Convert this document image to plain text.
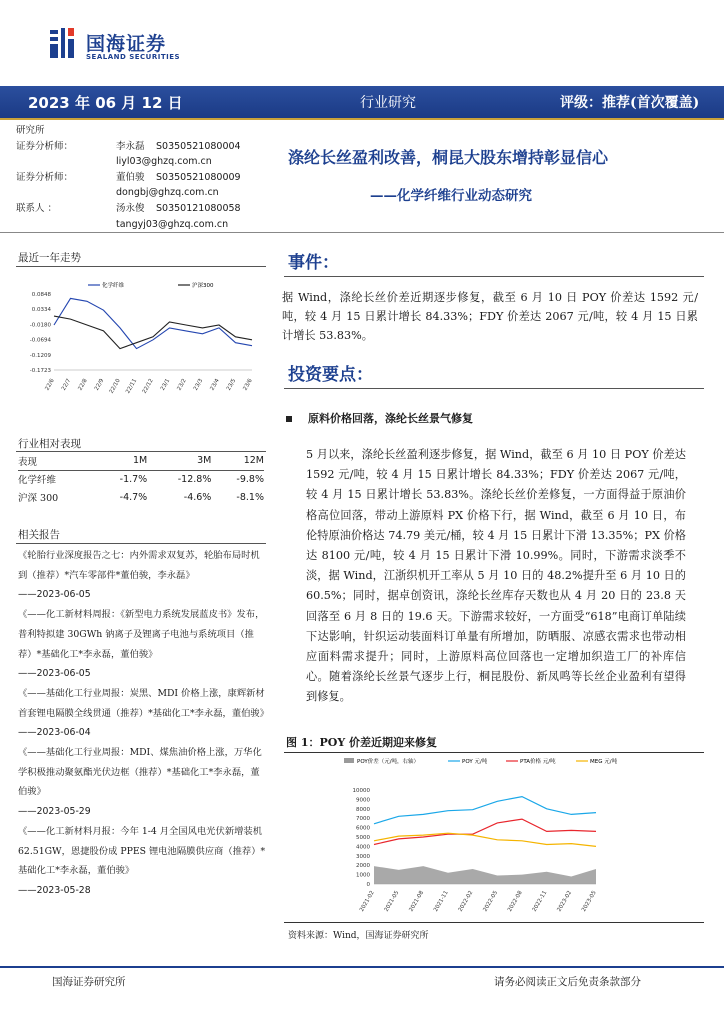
国海证券
SEALAND SECURITIES
2023 年 06 月 12 日	行业研究	评级：推荐(首次覆盖)
研究所
证券分析师：	李永磊	S0350521080004
liyl03@ghzq.com.cn
证券分析师：	董伯骏	S0350521080009
dongbj@ghzq.com.cn
联系人 ：	汤永俊	S0350121080058
tangyj03@ghzq.com.cn
涤纶长丝盈利改善，桐昆大股东增持彰显信心
——化学纤维行业动态研究
最近一年走势
化学纤维	沪深300
0.0848
0.0334
-0.0180
-0.0694
-0.1209
-0.1723
22/6 22/7 22/8 22/9 22/10 22/11 22/12 23/1 23/2 23/3 23/4 23/5 23/6
行业相对表现
表现	1M	3M	12M
化学纤维	-1.7%	-12.8%	-9.8%
沪深 300	-4.7%	-4.6%	-8.1%
相关报告
《轮胎行业深度报告之七：内外需求双复苏，轮胎布局时机到（推荐）*汽车零部件*董伯骏，李永磊》
——2023-06-05
《——化工新材料周报：《新型电力系统发展蓝皮书》发布，普利特拟建 30GWh 钠离子及锂离子电池与系统项目（推荐）*基础化工*李永磊，董伯骏》
——2023-06-05
《——基础化工行业周报：炭黑、MDI 价格上涨，康辉新材首套锂电隔膜全线贯通（推荐）*基础化工*李永磊，董伯骏》
——2023-06-04
《——基础化工行业周报：MDI、煤焦油价格上涨，万华化学积极推动聚氨酯光伏边框（推荐）*基础化工*李永磊，董伯骏》
——2023-05-29
《——化工新材料月报：今年 1-4 月全国风电光伏新增装机 62.51GW，恩捷股份成 PPES 锂电池隔膜供应商（推荐）*基础化工*李永磊，董伯骏》
——2023-05-28
事件：
据 Wind，涤纶长丝价差近期逐步修复，截至 6 月 10 日 POY 价差达 1592 元/吨，较 4 月 15 日累计增长 84.33%；FDY 价差达 2067 元/吨，较 4 月 15 日累计增长 53.83%。
投资要点：
原料价格回落，涤纶长丝景气修复
5 月以来，涤纶长丝盈利逐步修复，据 Wind，截至 6 月 10 日 POY 价差达 1592 元/吨，较 4 月 15 日累计增长 84.33%；FDY 价差达 2067 元/吨，较 4 月 15 日累计增长 53.83%。涤纶长丝价差修复，一方面得益于原油价格高位回落，带动上游原料 PX 价格下行，据 Wind，截至 6 月 10 日，布伦特原油价格达 74.79 美元/桶，较 4 月 15 日累计下滑 13.35%；PX 价格达 8100 元/吨，较 4 月 15 日累计下滑 10.99%。同时，下游需求淡季不淡，据 Wind，江浙织机开工率从 5 月 10 日的 48.2%提升至 6 月 10 日的 60.5%；同时，据卓创资讯，涤纶长丝库存天数也从 4 月 20 日的 23.8 天回落至 6 月 8 日的 19.6 天。下游需求较好，一方面受“618”电商订单陆续下达影响，针织运动装面料订单量有所增加，防晒服、凉感衣需求也带动相应面料需求提升；同时，上游原料高位回落也一定增加织造工厂的补库信心。随着涤纶长丝景气逐步上行，桐昆股份、新凤鸣等长丝企业盈利有望得到修复。
图 1：POY 价差近期迎来修复
POY价差（元/吨，右轴）	POY 元/吨	PTA价格 元/吨	MEG 元/吨
0
1000
2000
3000
4000
5000
6000
7000
8000
9000
10000
2021-02 2021-05 2021-08 2021-11 2022-02 2022-05 2022-08 2022-11 2023-02 2023-05
资料来源：Wind，国海证券研究所
国海证券研究所	请务必阅读正文后免责条款部分
